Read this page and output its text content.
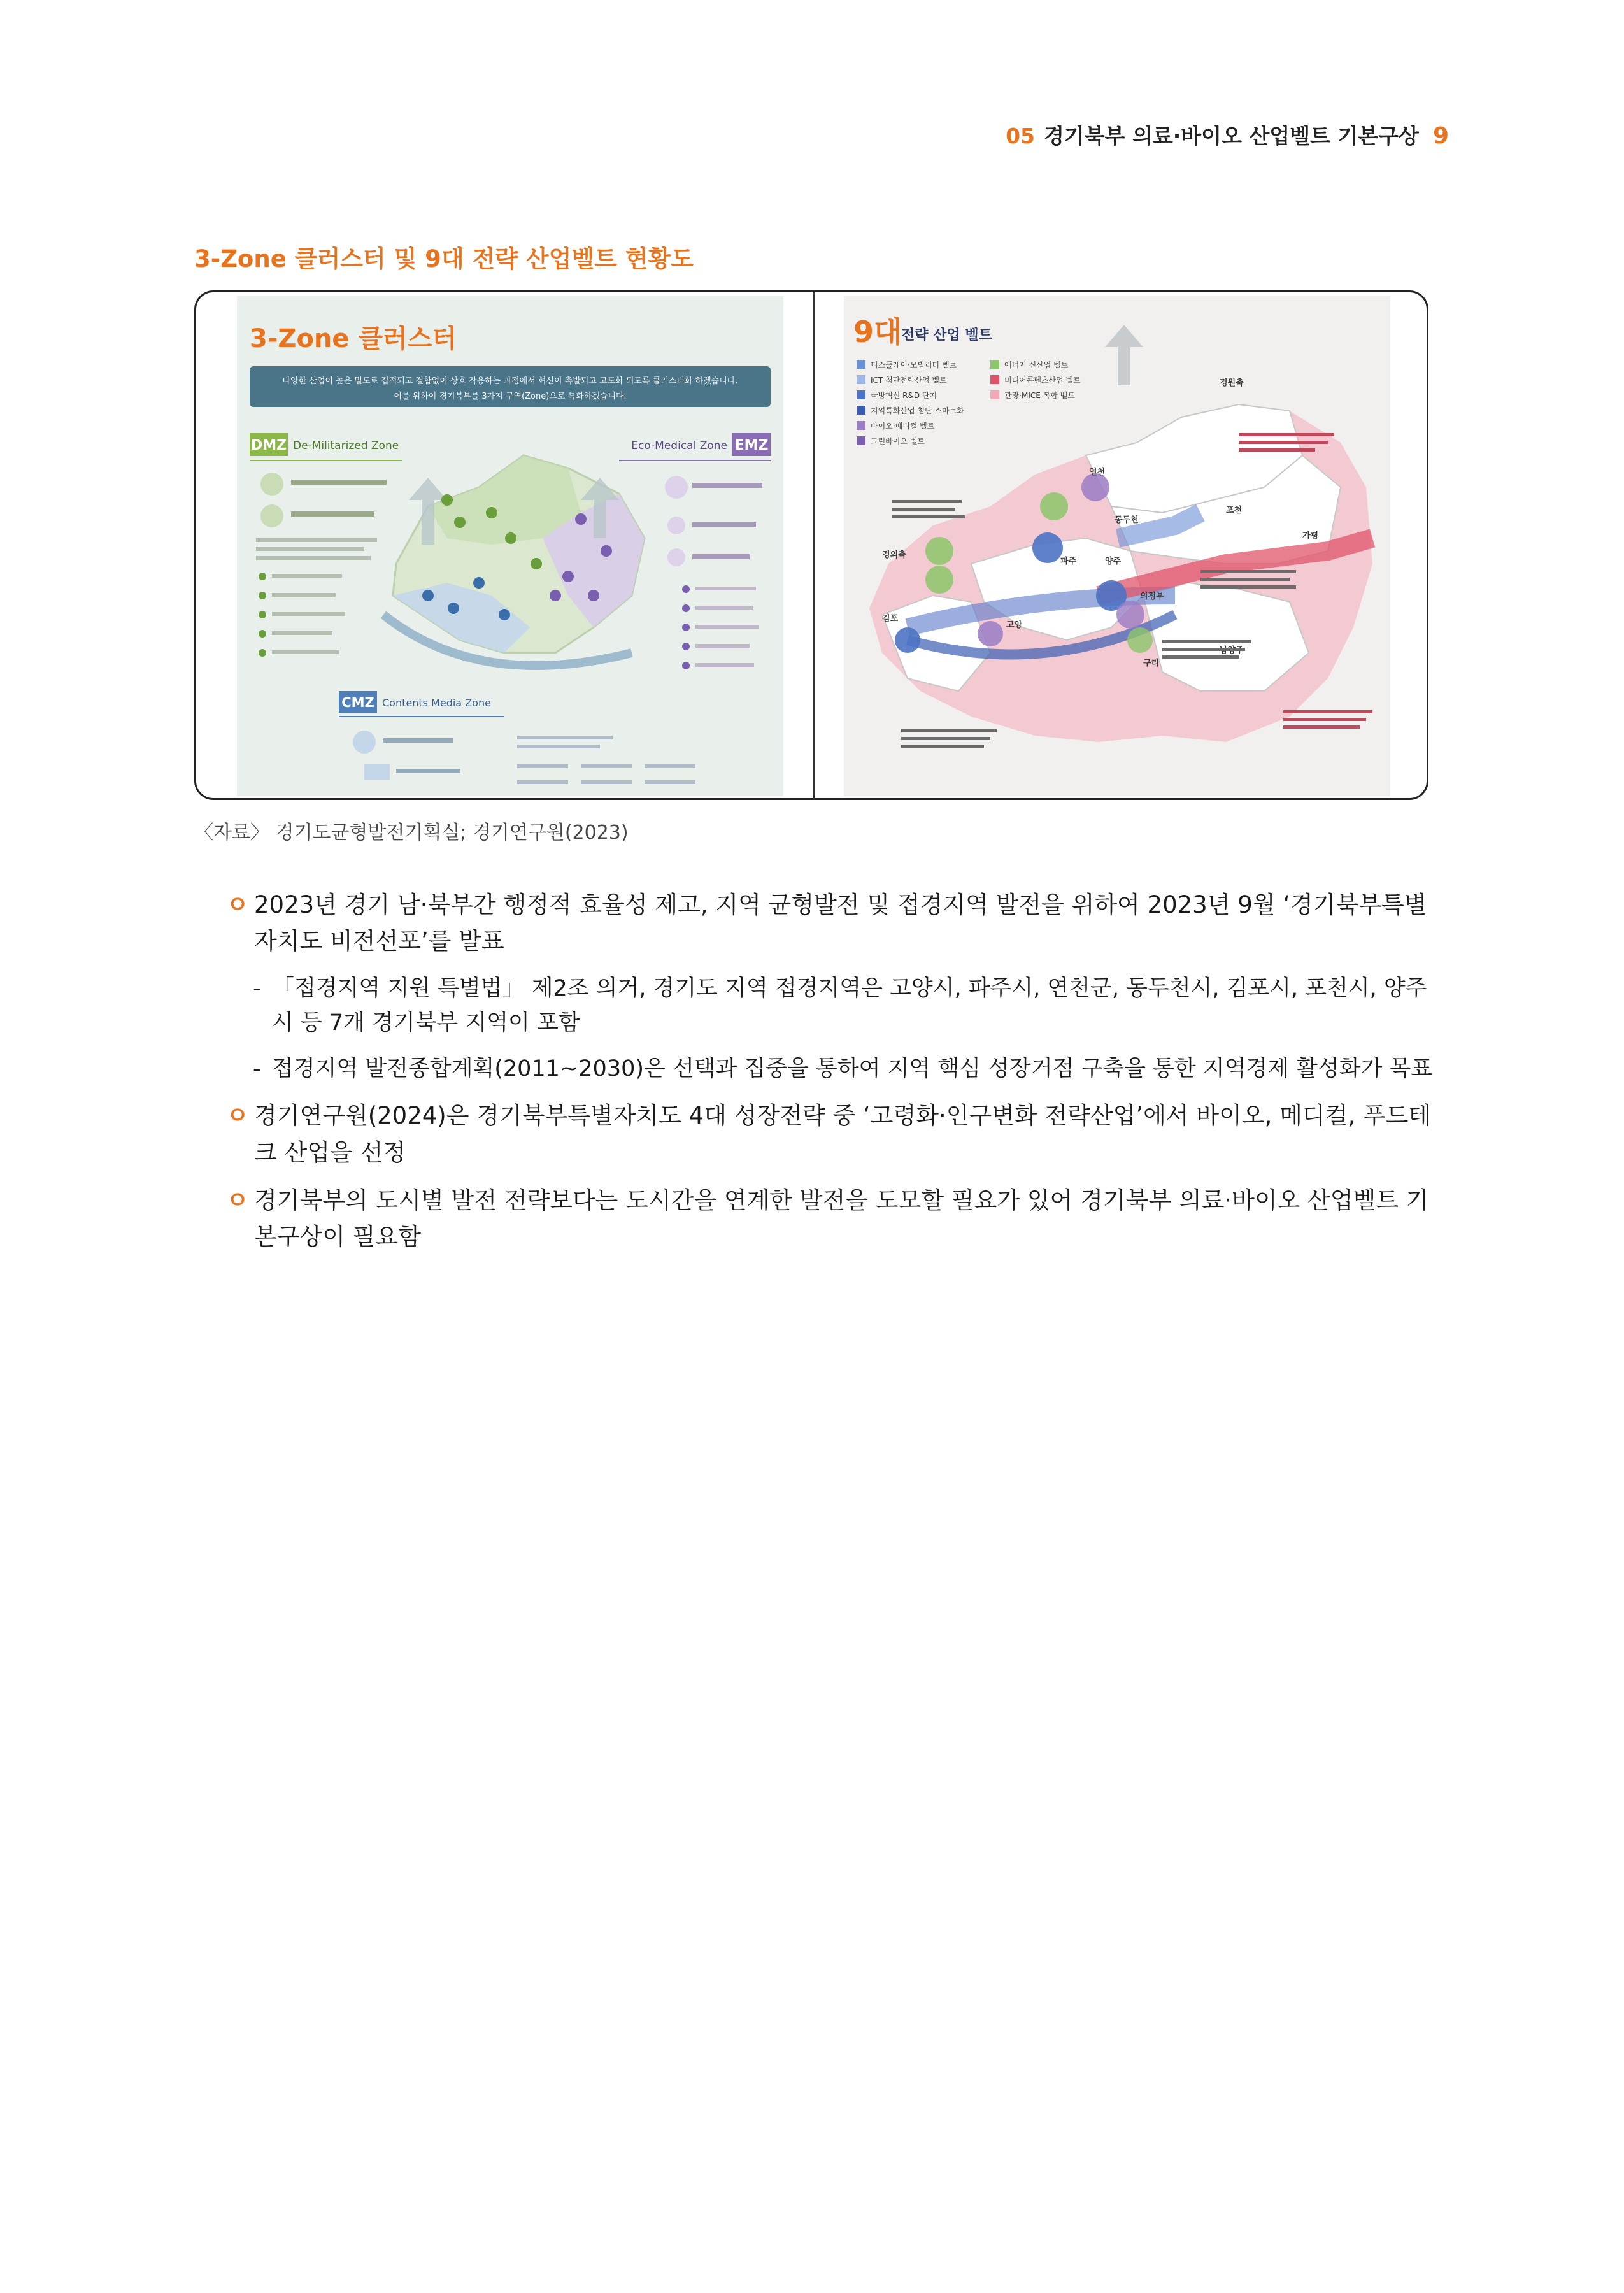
05 경기북부 의료·바이오 산업벨트 기본구상 9
3-Zone 클러스터 및 9대 전략 산업벨트 현황도
3-Zone 클러스터
다양한 산업이 높은 밀도로 집적되고 결합없이 상호 작용하는 과정에서 혁신이 촉발되고 고도화 되도록 클러스터화 하겠습니다.
이를 위하여 경기북부를 3가지 구역(Zone)으로 특화하겠습니다.
DMZ De-Militarized Zone	EMZ
Eco-Medical Zone
CMZ Contents Media Zone
9대
전략 산업 벨트
디스플레이·모빌리티 벨트
ICT 첨단전략산업 벨트
국방혁신 R&D 단지
지역특화산업 첨단 스마트화
에너지 신산업 벨트
미디어콘텐츠산업 벨트
관광·MICE 복합 벨트
바이오·메디컬 벨트
그린바이오 벨트
연천
포천
파주	양주
동두천
의정부
가평
고양
김포
구리
경원축
경의축
〈자료〉 경기도균형발전기획실; 경기연구원(2023)
ㅇ 2023년 경기 남·북부간 행정적 효율성 제고, 지역 균형발전 및 접경지역 발전을 위하여 2023년 9월 ‘경기북부특별자치도 비전선포’를 발표
- 「접경지역 지원 특별법」 제2조 의거, 경기도 지역 접경지역은 고양시, 파주시, 연천군, 동두천시, 김포시, 포천시, 양주시 등 7개 경기북부 지역이 포함
- 접경지역 발전종합계획(2011~2030)은 선택과 집중을 통하여 지역 핵심 성장거점 구축을 통한 지역경제 활성화가 목표
ㅇ 경기연구원(2024)은 경기북부특별자치도 4대 성장전략 중 ‘고령화·인구변화 전략산업’에서 바이오, 메디컬, 푸드테크 산업을 선정
ㅇ 경기북부의 도시별 발전 전략보다는 도시간을 연계한 발전을 도모할 필요가 있어 경기북부 의료·바이오 산업벨트 기본구상이 필요함
